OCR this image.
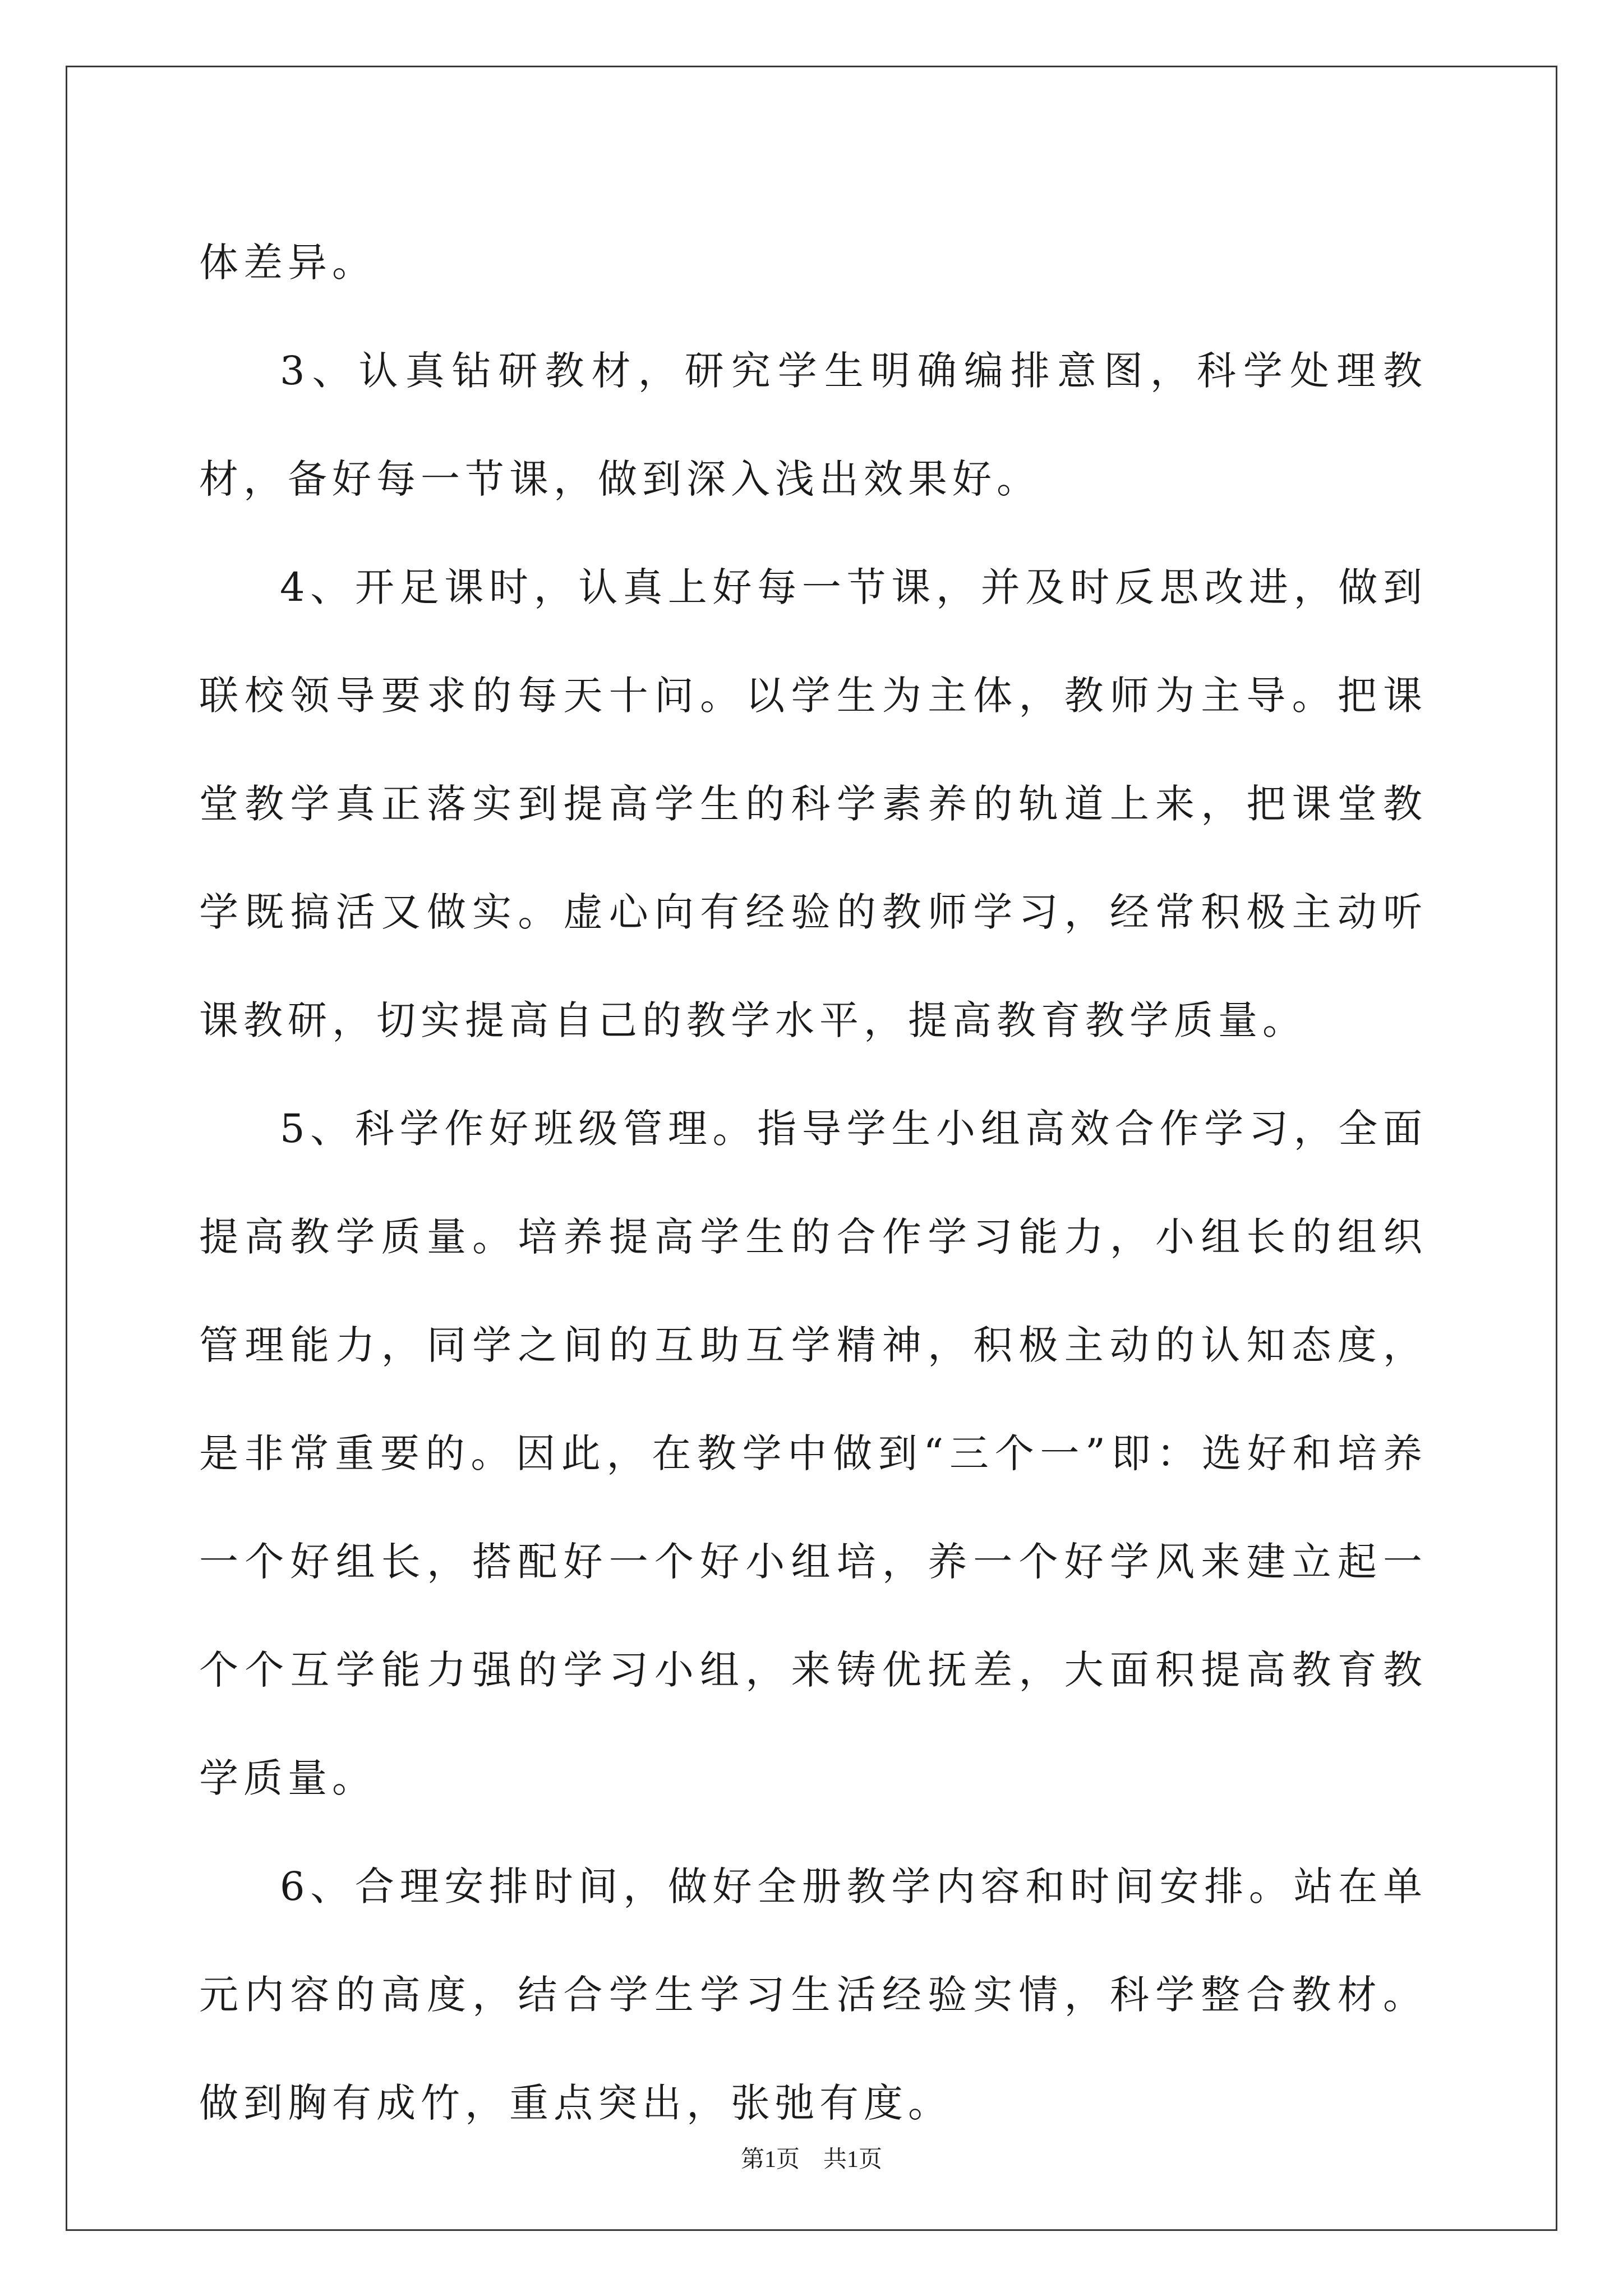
体差异。

3、认真钻研教材，研究学生明确编排意图，科学处理教材，备好每一节课，做到深入浅出效果好。

4、开足课时，认真上好每一节课，并及时反思改进，做到联校领导要求的每天十问。以学生为主体，教师为主导。把课堂教学真正落实到提高学生的科学素养的轨道上来，把课堂教学既搞活又做实。虚心向有经验的教师学习，经常积极主动听课教研，切实提高自己的教学水平，提高教育教学质量。

5、科学作好班级管理。指导学生小组高效合作学习，全面提高教学质量。培养提高学生的合作学习能力，小组长的组织管理能力，同学之间的互助互学精神，积极主动的认知态度，是非常重要的。因此，在教学中做到“三个一”即：选好和培养一个好组长，搭配好一个好小组培，养一个好学风来建立起一个个互学能力强的学习小组，来铸优抚差，大面积提高教育教学质量。

6、合理安排时间，做好全册教学内容和时间安排。站在单元内容的高度，结合学生学习生活经验实情，科学整合教材。做到胸有成竹，重点突出，张弛有度。

第1页　共1页
